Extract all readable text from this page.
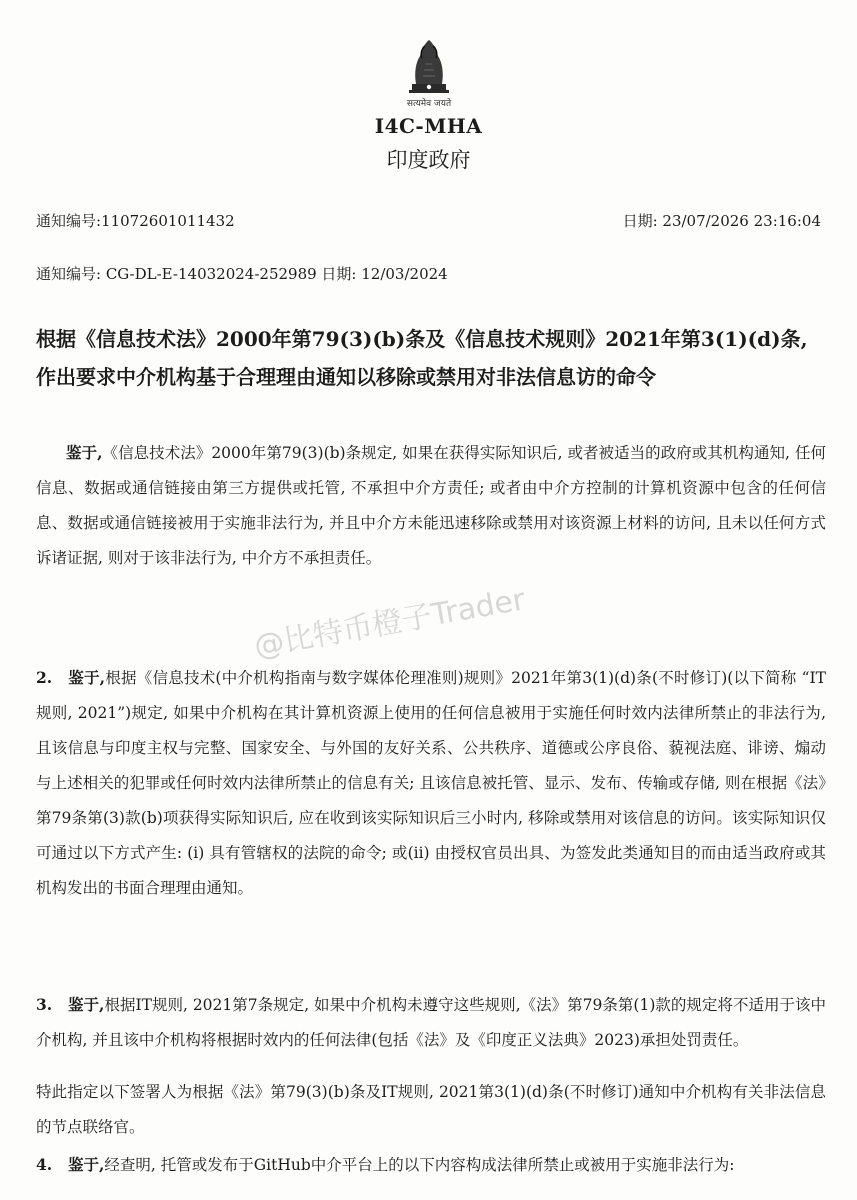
सत्यमेव जयते
I4C-MHA
印度政府
通知编号:11072601011432	日期: 23/07/2026 23:16:04
通知编号: CG-DL-E-14032024-252989 日期: 12/03/2024
根据《信息技术法》2000年第79(3)(b)条及《信息技术规则》2021年第3(1)(d)条,
作出要求中介机构基于合理理由通知以移除或禁用对非法信息访的命令
鉴于,《信息技术法》2000年第79(3)(b)条规定, 如果在获得实际知识后, 或者被适当的政府或其机构通知, 任何信息、数据或通信链接由第三方提供或托管, 不承担中介方责任; 或者由中介方控制的计算机资源中包含的任何信息、数据或通信链接被用于实施非法行为, 并且中介方未能迅速移除或禁用对该资源上材料的访问, 且未以任何方式诉诸证据, 则对于该非法行为, 中介方不承担责任。
2. 鉴于,根据《信息技术(中介机构指南与数字媒体伦理准则)规则》2021年第3(1)(d)条(不时修订)(以下简称 “IT规则, 2021”)规定, 如果中介机构在其计算机资源上使用的任何信息被用于实施任何时效内法律所禁止的非法行为, 且该信息与印度主权与完整、国家安全、与外国的友好关系、公共秩序、道德或公序良俗、藐视法庭、诽谤、煽动与上述相关的犯罪或任何时效内法律所禁止的信息有关; 且该信息被托管、显示、发布、传输或存储, 则在根据《法》第79条第(3)款(b)项获得实际知识后, 应在收到该实际知识后三小时内, 移除或禁用对该信息的访问。该实际知识仅可通过以下方式产生: (i) 具有管辖权的法院的命令; 或(ii) 由授权官员出具、为签发此类通知目的而由适当政府或其机构发出的书面合理理由通知。
3. 鉴于,根据IT规则, 2021第7条规定, 如果中介机构未遵守这些规则,《法》第79条第(1)款的规定将不适用于该中介机构, 并且该中介机构将根据时效内的任何法律(包括《法》及《印度正义法典》2023)承担处罚责任。
特此指定以下签署人为根据《法》第79(3)(b)条及IT规则, 2021第3(1)(d)条(不时修订)通知中介机构有关非法信息的节点联络官。
4. 鉴于,经查明, 托管或发布于GitHub中介平台上的以下内容构成法律所禁止或被用于实施非法行为:
@比特币橙子Trader
